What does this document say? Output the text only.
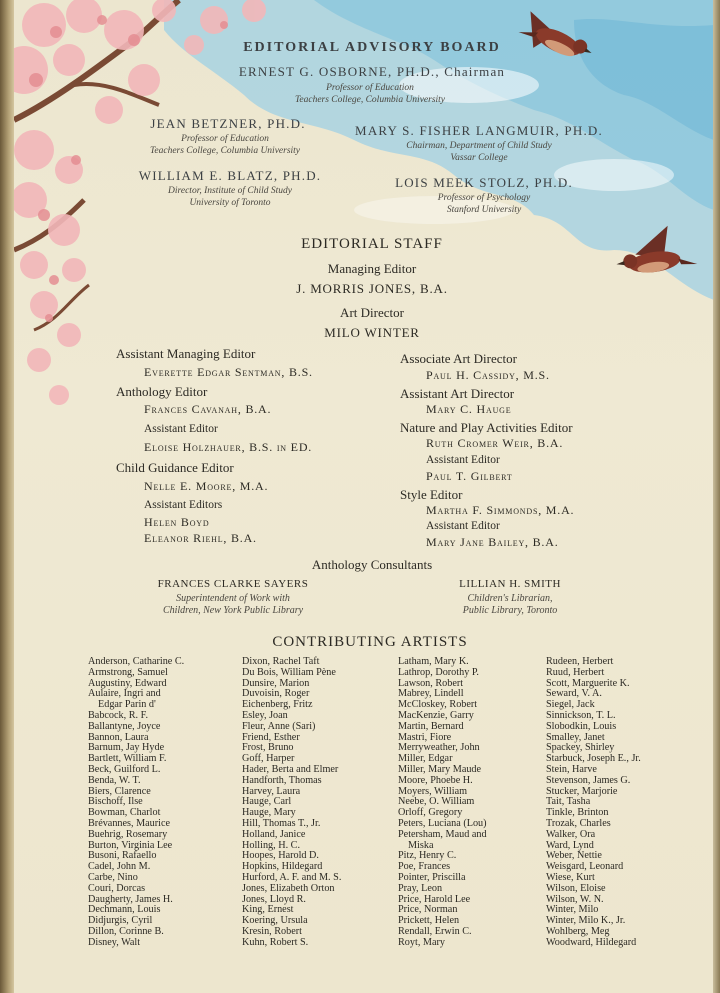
EDITORIAL ADVISORY BOARD
ERNEST G. OSBORNE, PH.D., Chairman
Professor of Education
Teachers College, Columbia University
JEAN BETZNER, PH.D.
Professor of Education
Teachers College, Columbia University
MARY S. FISHER LANGMUIR, PH.D.
Chairman, Department of Child Study
Vassar College
WILLIAM E. BLATZ, PH.D.
Director, Institute of Child Study
University of Toronto
LOIS MEEK STOLZ, PH.D.
Professor of Psychology
Stanford University
EDITORIAL STAFF
Managing Editor
J. MORRIS JONES, B.A.
Art Director
MILO WINTER
Assistant Managing Editor
Everette Edgar Sentman, B.S.
Anthology Editor
Frances Cavanah, B.A.
Assistant Editor
Eloise Holzhauer, B.S. in ED.
Child Guidance Editor
Nelle E. Moore, M.A.
Assistant Editors
Helen Boyd
Eleanor Riehl, B.A.
Associate Art Director
Paul H. Cassidy, M.S.
Assistant Art Director
Mary C. Hauge
Nature and Play Activities Editor
Ruth Cromer Weir, B.A.
Assistant Editor
Paul T. Gilbert
Style Editor
Martha F. Simmonds, M.A.
Assistant Editor
Mary Jane Bailey, B.A.
Anthology Consultants
FRANCES CLARKE SAYERS
Superintendent of Work with
Children, New York Public Library
LILLIAN H. SMITH
Children's Librarian,
Public Library, Toronto
CONTRIBUTING ARTISTS
Anderson, Catharine C.
Armstrong, Samuel
Augustiny, Edward
Aulaire, Ingri and
Edgar Parin d'
Babcock, R. F.
Ballantyne, Joyce
Bannon, Laura
Barnum, Jay Hyde
Bartlett, William F.
Beck, Guilford L.
Benda, W. T.
Biers, Clarence
Bischoff, Ilse
Bowman, Charlot
Brévannes, Maurice
Buehrig, Rosemary
Burton, Virginia Lee
Busoni, Rafaello
Cadel, John M.
Carbe, Nino
Couri, Dorcas
Daugherty, James H.
Dechmann, Louis
Didjurgis, Cyril
Dillon, Corinne B.
Disney, Walt
Dixon, Rachel Taft
Du Bois, William Pène
Dunsire, Marion
Duvoisin, Roger
Eichenberg, Fritz
Esley, Joan
Fleur, Anne (Sari)
Friend, Esther
Frost, Bruno
Goff, Harper
Hader, Berta and Elmer
Handforth, Thomas
Harvey, Laura
Hauge, Carl
Hauge, Mary
Hill, Thomas T., Jr.
Holland, Janice
Holling, H. C.
Hoopes, Harold D.
Hopkins, Hildegard
Hurford, A. F. and M. S.
Jones, Elizabeth Orton
Jones, Lloyd R.
King, Ernest
Koering, Ursula
Kresin, Robert
Kuhn, Robert S.
Latham, Mary K.
Lathrop, Dorothy P.
Lawson, Robert
Mabrey, Lindell
McCloskey, Robert
MacKenzie, Garry
Martin, Bernard
Mastri, Fiore
Merryweather, John
Miller, Edgar
Miller, Mary Maude
Moore, Phoebe H.
Moyers, William
Neebe, O. William
Orloff, Gregory
Peters, Luciana (Lou)
Petersham, Maud and
Miska
Pitz, Henry C.
Poe, Frances
Pointer, Priscilla
Pray, Leon
Price, Harold Lee
Price, Norman
Prickett, Helen
Rendall, Erwin C.
Royt, Mary
Rudeen, Herbert
Ruud, Herbert
Scott, Marguerite K.
Seward, V. A.
Siegel, Jack
Sinnickson, T. L.
Slobodkin, Louis
Smalley, Janet
Spackey, Shirley
Starbuck, Joseph E., Jr.
Stein, Harve
Stevenson, James G.
Stucker, Marjorie
Tait, Tasha
Tinkle, Brinton
Trozak, Charles
Walker, Ora
Ward, Lynd
Weber, Nettie
Weisgard, Leonard
Wiese, Kurt
Wilson, Eloise
Wilson, W. N.
Winter, Milo
Winter, Milo K., Jr.
Wohlberg, Meg
Woodward, Hildegard
